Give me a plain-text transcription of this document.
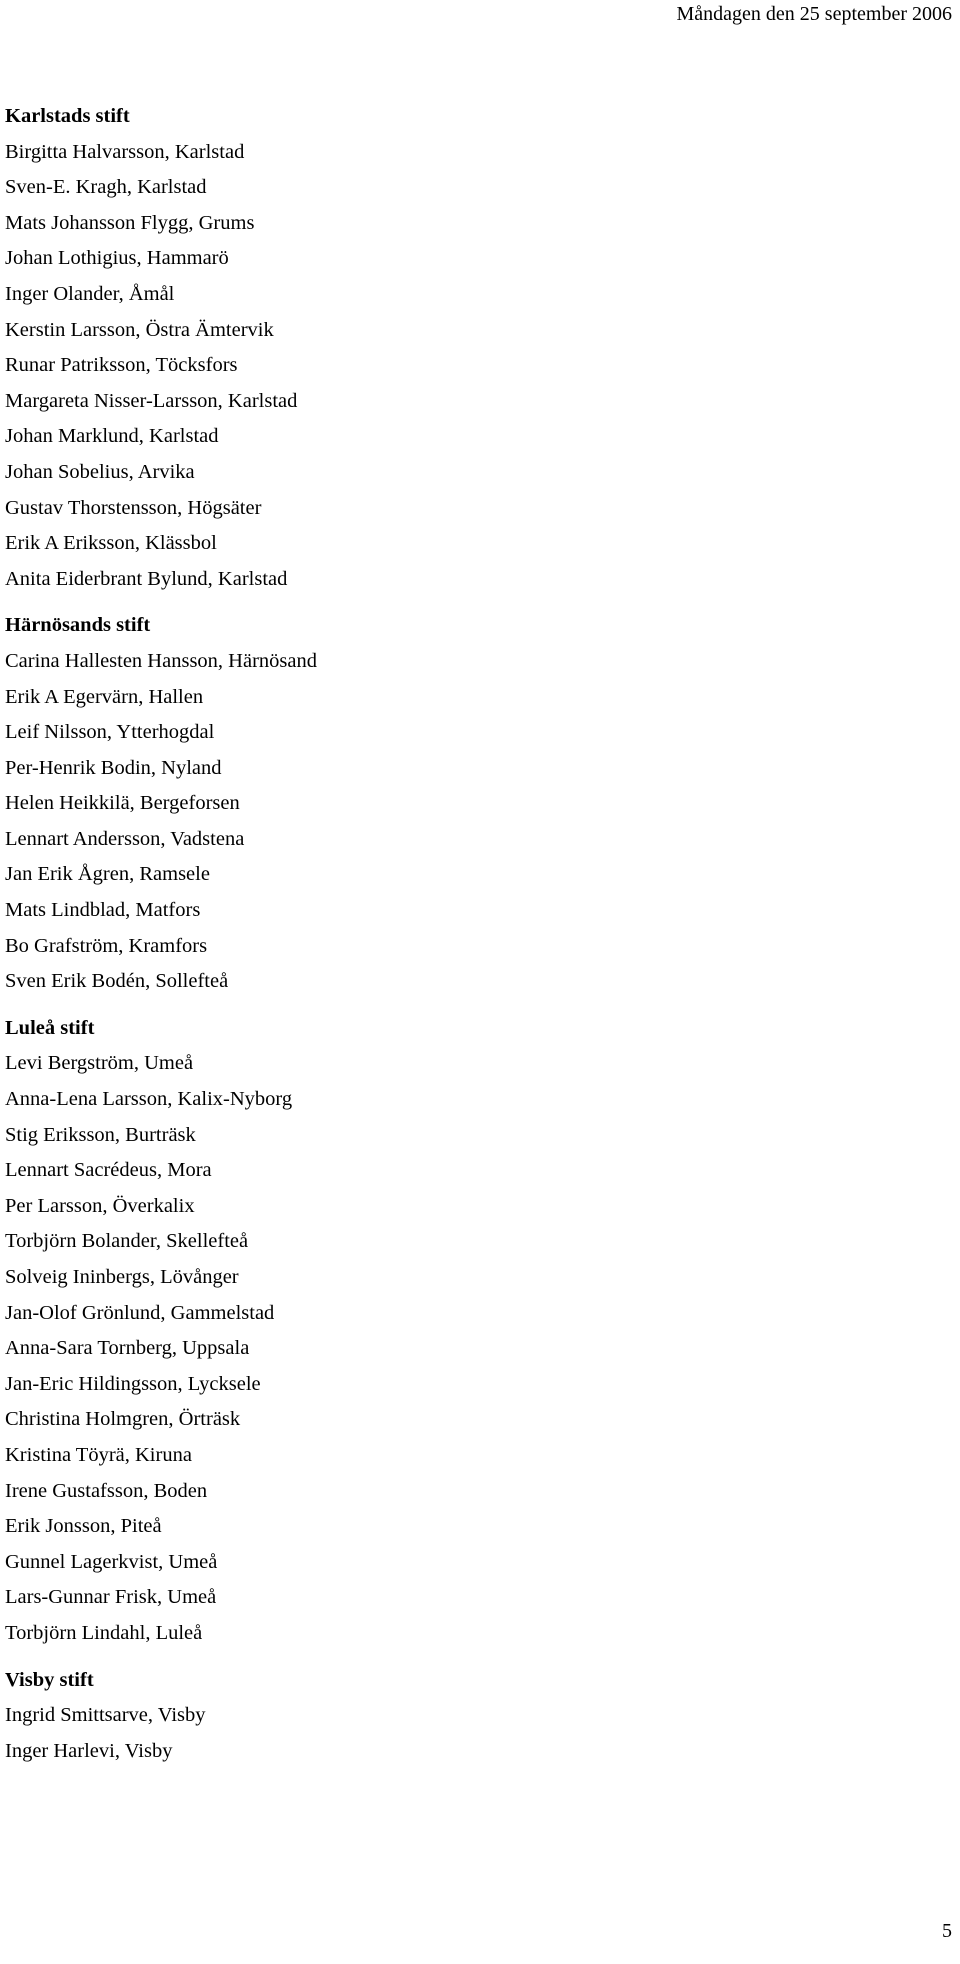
Måndagen den 25 september 2006
Karlstads stift
Birgitta Halvarsson, Karlstad
Sven-E. Kragh, Karlstad
Mats Johansson Flygg, Grums
Johan Lothigius, Hammarö
Inger Olander, Åmål
Kerstin Larsson, Östra Ämtervik
Runar Patriksson, Töcksfors
Margareta Nisser-Larsson, Karlstad
Johan Marklund, Karlstad
Johan Sobelius, Arvika
Gustav Thorstensson, Högsäter
Erik A Eriksson, Klässbol
Anita Eiderbrant Bylund, Karlstad
Härnösands stift
Carina Hallesten Hansson, Härnösand
Erik A Egervärn, Hallen
Leif Nilsson, Ytterhogdal
Per-Henrik Bodin, Nyland
Helen Heikkilä, Bergeforsen
Lennart Andersson, Vadstena
Jan Erik Ågren, Ramsele
Mats Lindblad, Matfors
Bo Grafström, Kramfors
Sven Erik Bodén, Sollefteå
Luleå stift
Levi Bergström, Umeå
Anna-Lena Larsson, Kalix-Nyborg
Stig Eriksson, Burträsk
Lennart Sacrédeus, Mora
Per Larsson, Överkalix
Torbjörn Bolander, Skellefteå
Solveig Ininbergs, Lövånger
Jan-Olof Grönlund, Gammelstad
Anna-Sara Tornberg, Uppsala
Jan-Eric Hildingsson, Lycksele
Christina Holmgren, Örträsk
Kristina Töyrä, Kiruna
Irene Gustafsson, Boden
Erik Jonsson, Piteå
Gunnel Lagerkvist, Umeå
Lars-Gunnar Frisk, Umeå
Torbjörn Lindahl, Luleå
Visby stift
Ingrid Smittsarve, Visby
Inger Harlevi, Visby
5
